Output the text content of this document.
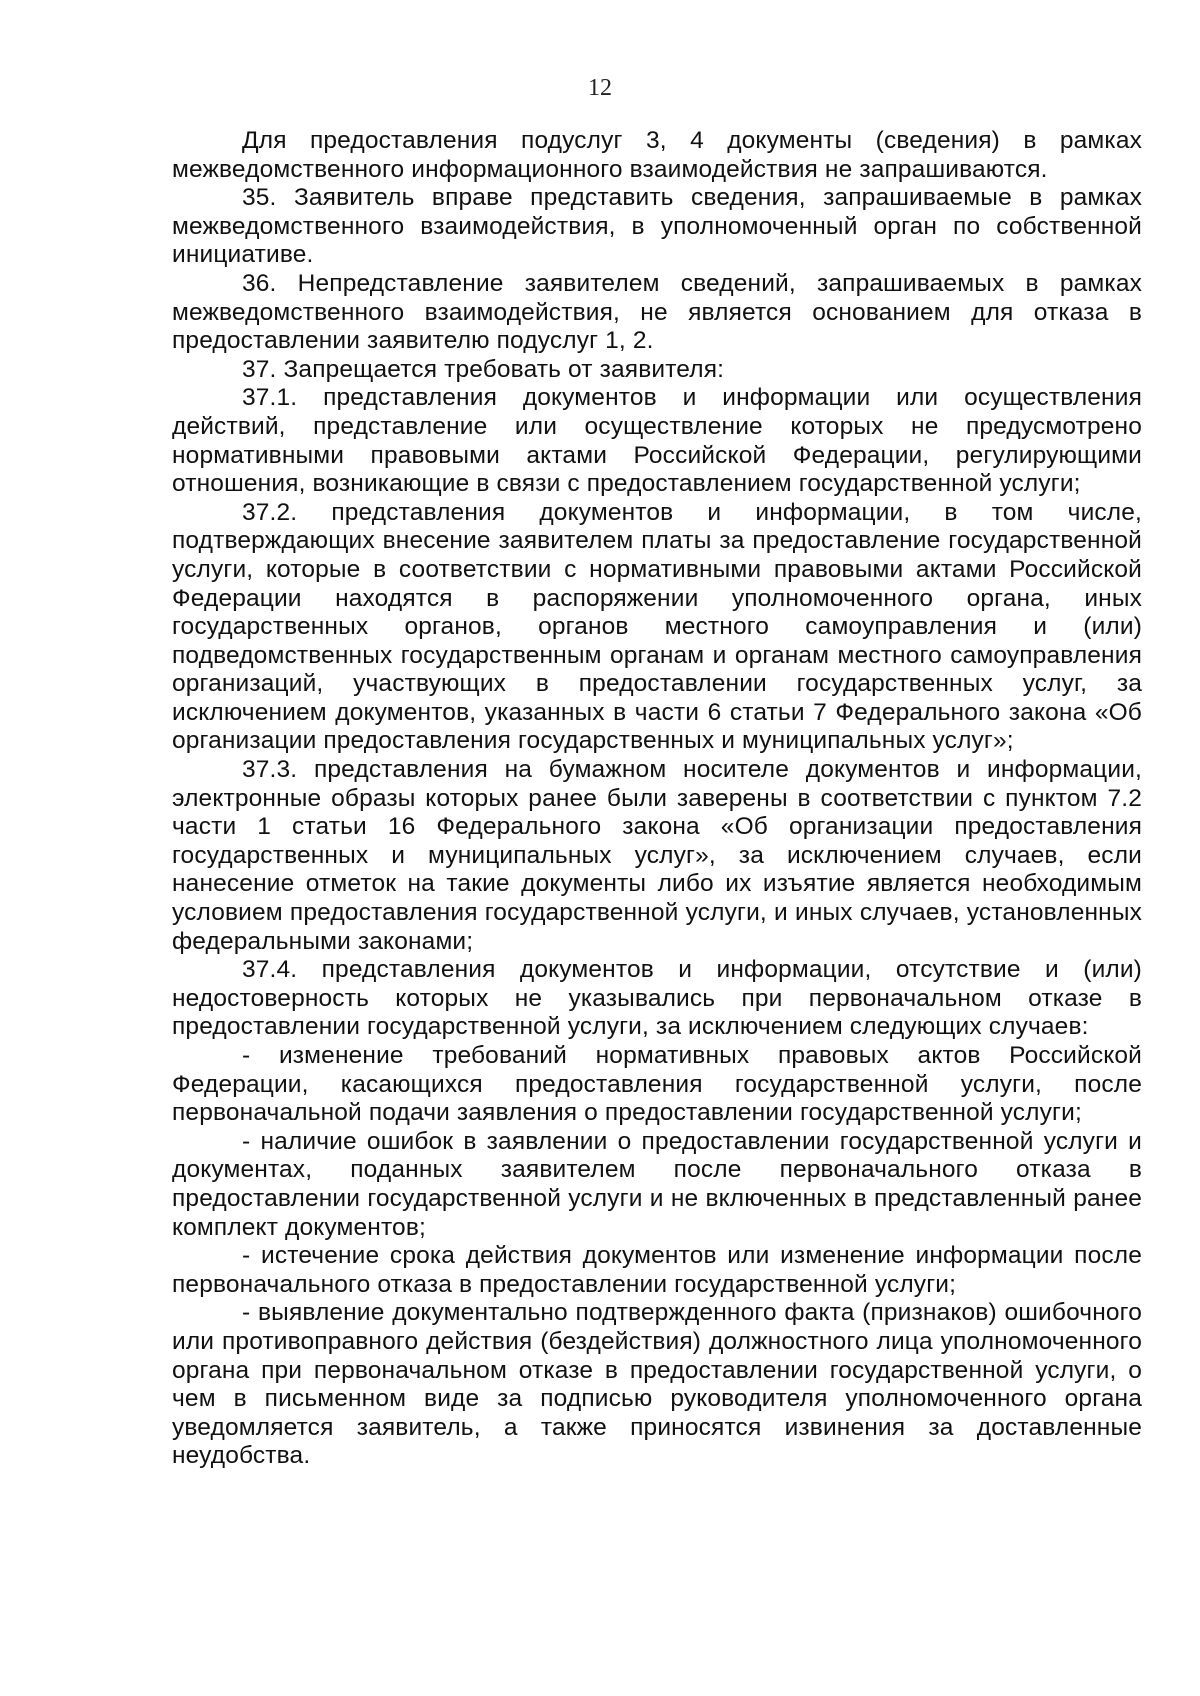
12

Для предоставления подуслуг 3, 4 документы (сведения) в рамках межведомственного информационного взаимодействия не запрашиваются.

35. Заявитель вправе представить сведения, запрашиваемые в рамках межведомственного взаимодействия, в уполномоченный орган по собственной инициативе.

36. Непредставление заявителем сведений, запрашиваемых в рамках межведомственного взаимодействия, не является основанием для отказа в предоставлении заявителю подуслуг 1, 2.

37. Запрещается требовать от заявителя:

37.1. представления документов и информации или осуществления действий, представление или осуществление которых не предусмотрено нормативными правовыми актами Российской Федерации, регулирующими отношения, возникающие в связи с предоставлением государственной услуги;

37.2. представления документов и информации, в том числе, подтверждающих внесение заявителем платы за предоставление государственной услуги, которые в соответствии с нормативными правовыми актами Российской Федерации находятся в распоряжении уполномоченного органа, иных государственных органов, органов местного самоуправления и (или) подведомственных государственным органам и органам местного самоуправления организаций, участвующих в предоставлении государственных услуг, за исключением документов, указанных в части 6 статьи 7 Федерального закона «Об организации предоставления государственных и муниципальных услуг»;

37.3. представления на бумажном носителе документов и информации, электронные образы которых ранее были заверены в соответствии с пунктом 7.2 части 1 статьи 16 Федерального закона «Об организации предоставления государственных и муниципальных услуг», за исключением случаев, если нанесение отметок на такие документы либо их изъятие является необходимым условием предоставления государственной услуги, и иных случаев, установленных федеральными законами;

37.4. представления документов и информации, отсутствие и (или) недостоверность которых не указывались при первоначальном отказе в предоставлении государственной услуги, за исключением следующих случаев:

- изменение требований нормативных правовых актов Российской Федерации, касающихся предоставления государственной услуги, после первоначальной подачи заявления о предоставлении государственной услуги;

- наличие ошибок в заявлении о предоставлении государственной услуги и документах, поданных заявителем после первоначального отказа в предоставлении государственной услуги и не включенных в представленный ранее комплект документов;

- истечение срока действия документов или изменение информации после первоначального отказа в предоставлении государственной услуги;

- выявление документально подтвержденного факта (признаков) ошибочного или противоправного действия (бездействия) должностного лица уполномоченного органа при первоначальном отказе в предоставлении государственной услуги, о чем в письменном виде за подписью руководителя уполномоченного органа уведомляется заявитель, а также приносятся извинения за доставленные неудобства.
